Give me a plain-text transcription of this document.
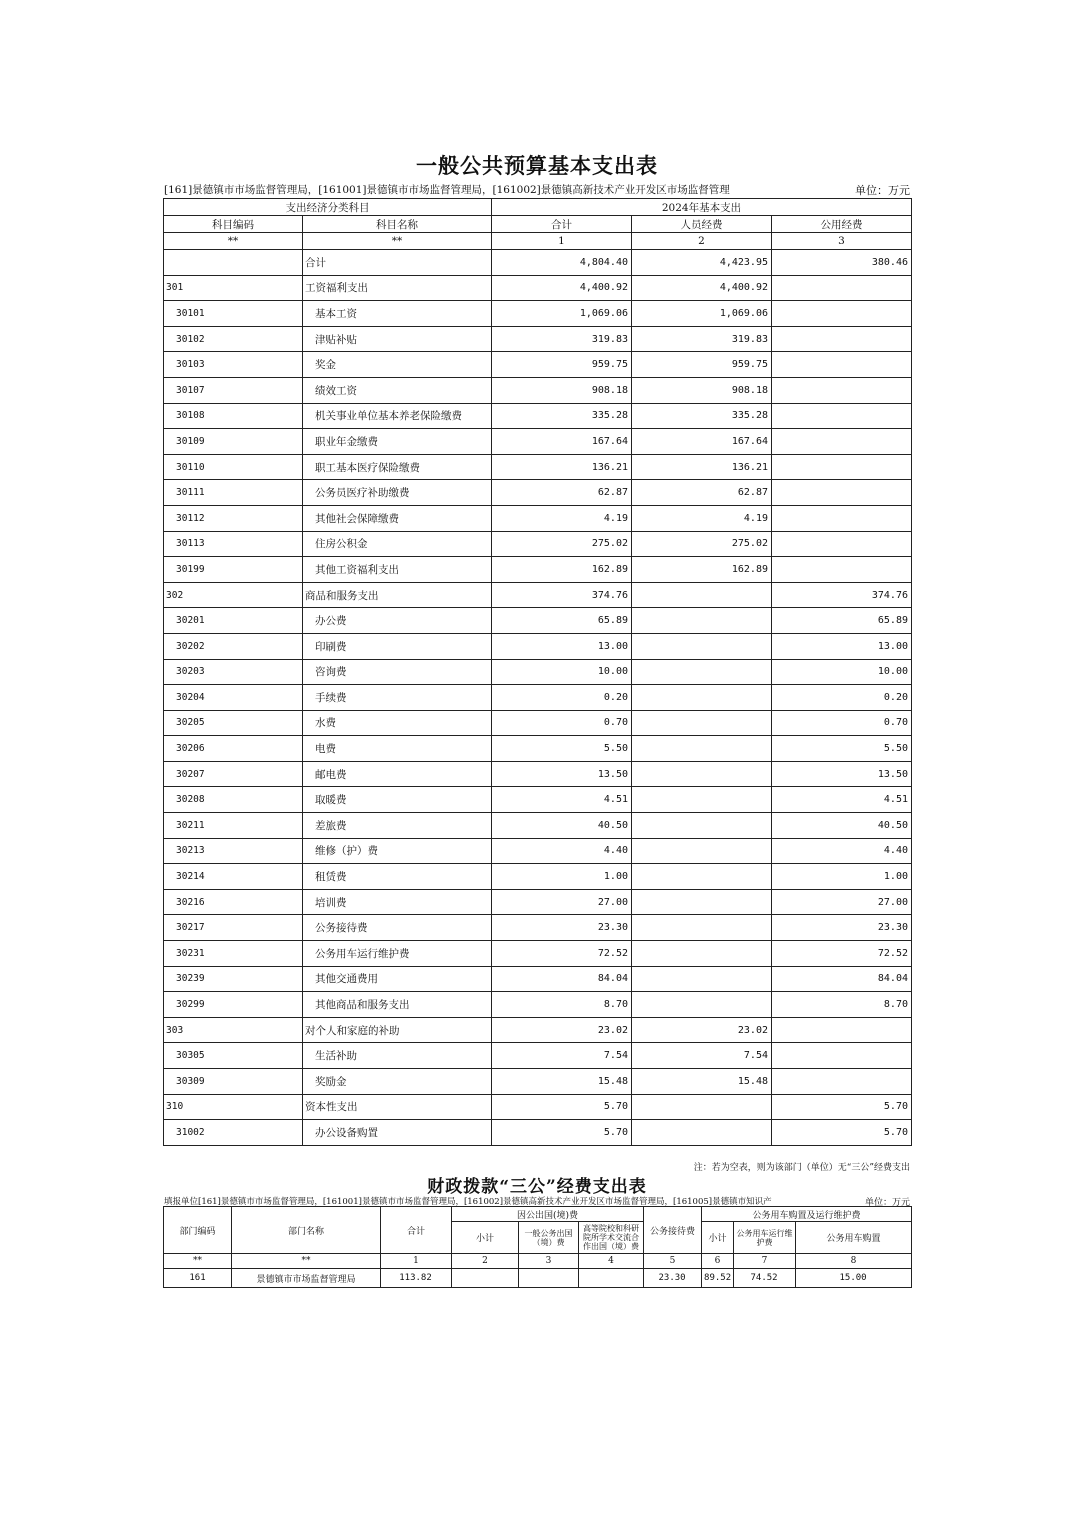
一般公共预算基本支出表
[161]景德镇市市场监督管理局，[161001]景德镇市市场监督管理局，[161002]景德镇高新技术产业开发区市场监督管理	单位：万元
支出经济分类科目		2024年基本支出		
科目编码	科目名称	合计	人员经费	公用经费
**	**	1	2	3
	合计	4,804.40	4,423.95	380.46
301	工资福利支出	4,400.92	4,400.92	
30101	基本工资	1,069.06	1,069.06	
30102	津贴补贴	319.83	319.83	
30103	奖金	959.75	959.75	
30107	绩效工资	908.18	908.18	
30108	机关事业单位基本养老保险缴费	335.28	335.28	
30109	职业年金缴费	167.64	167.64	
30110	职工基本医疗保险缴费	136.21	136.21	
30111	公务员医疗补助缴费	62.87	62.87	
30112	其他社会保障缴费	4.19	4.19	
30113	住房公积金	275.02	275.02	
30199	其他工资福利支出	162.89	162.89	
302	商品和服务支出	374.76		374.76
30201	办公费	65.89		65.89
30202	印刷费	13.00		13.00
30203	咨询费	10.00		10.00
30204	手续费	0.20		0.20
30205	水费	0.70		0.70
30206	电费	5.50		5.50
30207	邮电费	13.50		13.50
30208	取暖费	4.51		4.51
30211	差旅费	40.50		40.50
30213	维修（护）费	4.40		4.40
30214	租赁费	1.00		1.00
30216	培训费	27.00		27.00
30217	公务接待费	23.30		23.30
30231	公务用车运行维护费	72.52		72.52
30239	其他交通费用	84.04		84.04
30299	其他商品和服务支出	8.70		8.70
303	对个人和家庭的补助	23.02	23.02	
30305	生活补助	7.54	7.54	
30309	奖励金	15.48	15.48	
310	资本性支出	5.70		5.70
31002	办公设备购置	5.70		5.70
注：若为空表，则为该部门（单位）无“三公”经费支出
财政拨款“三公”经费支出表
填报单位[161]景德镇市市场监督管理局，[161001]景德镇市市场监督管理局，[161002]景德镇高新技术产业开发区市场监督管理局，[161005]景德镇市知识产	单位：万元
部门编码	部门名称	合计	因公出国(境)费			公务接待费	公务用车购置及运行维护费		
			小计	一般公务出国（境）费	高等院校和科研院所学术交流合作出国（境）费		小计	公务用车运行维护费	公务用车购置
**	**	1	2	3	4	5	6	7	8
161	景德镇市市场监督管理局	113.82				23.30	89.52	74.52	15.00
